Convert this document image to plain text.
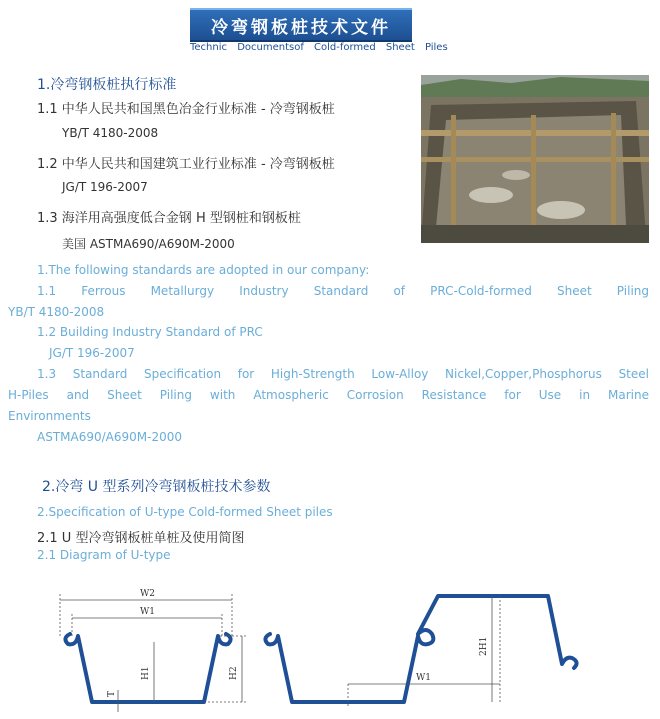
冷弯钢板桩技术文件
Technic Documentsof Cold-formed Sheet Piles
1.冷弯钢板桩执行标准
1.1 中华人民共和国黑色冶金行业标准 - 冷弯钢板桩
YB/T 4180-2008
1.2 中华人民共和国建筑工业行业标准 - 冷弯钢板桩
JG/T 196-2007
1.3 海洋用高强度低合金钢 H 型钢桩和钢板桩
美国 ASTMA690/A690M-2000
1.The following standards are adopted in our company:
1.1 Ferrous Metallurgy Industry Standard of PRC-Cold-formed Sheet Piling
YB/T 4180-2008
1.2 Building Industry Standard of PRC
JG/T 196-2007
1.3 Standard Specification for High-Strength Low-Alloy Nickel,Copper,Phosphorus Steel
H-Piles and Sheet Piling with Atmospheric Corrosion Resistance for Use in Marine
Environments
ASTMA690/A690M-2000
2.冷弯 U 型系列冷弯钢板桩技术参数
2.Specification of U-type Cold-formed Sheet piles
2.1 U 型冷弯钢板桩单桩及使用简图
2.1 Diagram of U-type
W2
W1
H1	H2
T
W1
2H1
